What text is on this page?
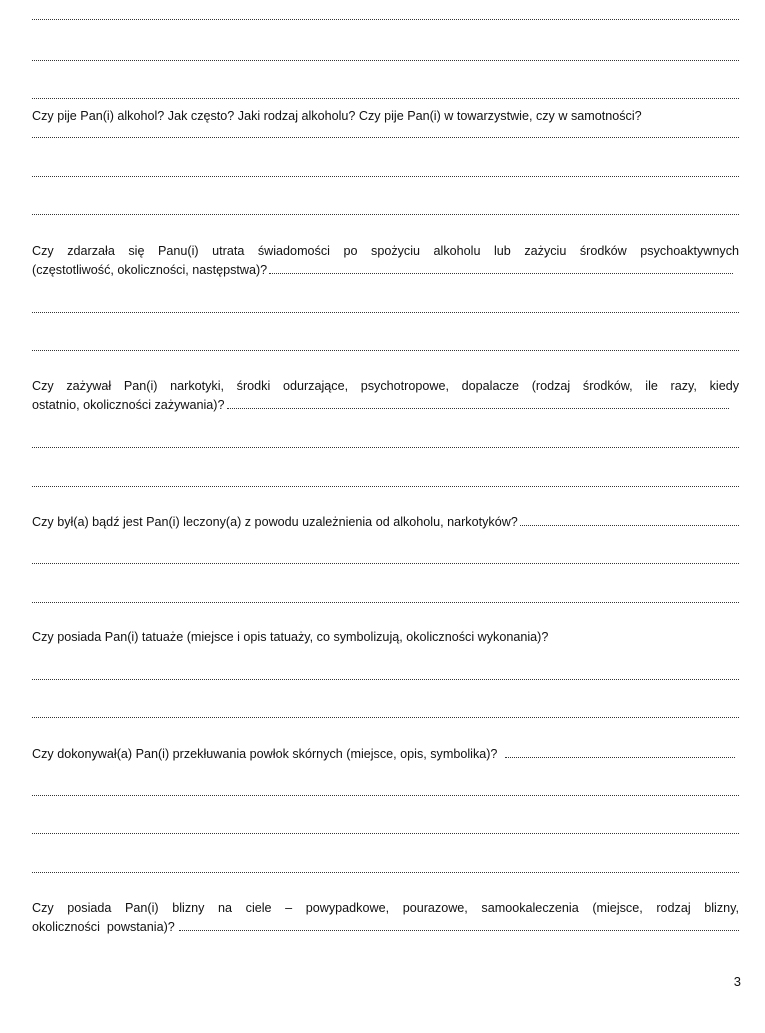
Czy pije Pan(i) alkohol? Jak często? Jaki rodzaj alkoholu? Czy pije Pan(i) w towarzystwie, czy w samotności?
Czy zdarzała się Panu(i) utrata świadomości po spożyciu alkoholu lub zażyciu środków psychoaktywnych
(częstotliwość, okoliczności, następstwa)?
Czy zażywał Pan(i) narkotyki, środki odurzające, psychotropowe, dopalacze (rodzaj środków, ile razy, kiedy
ostatnio, okoliczności zażywania)?
Czy był(a) bądź jest Pan(i) leczony(a) z powodu uzależnienia od alkoholu, narkotyków?
Czy posiada Pan(i) tatuaże (miejsce i opis tatuaży, co symbolizują, okoliczności wykonania)?
Czy dokonywał(a) Pan(i) przekłuwania powłok skórnych (miejsce, opis, symbolika)?
Czy posiada Pan(i) blizny na ciele – powypadkowe, pourazowe, samookaleczenia (miejsce, rodzaj blizny,
okoliczności  powstania)?
3
